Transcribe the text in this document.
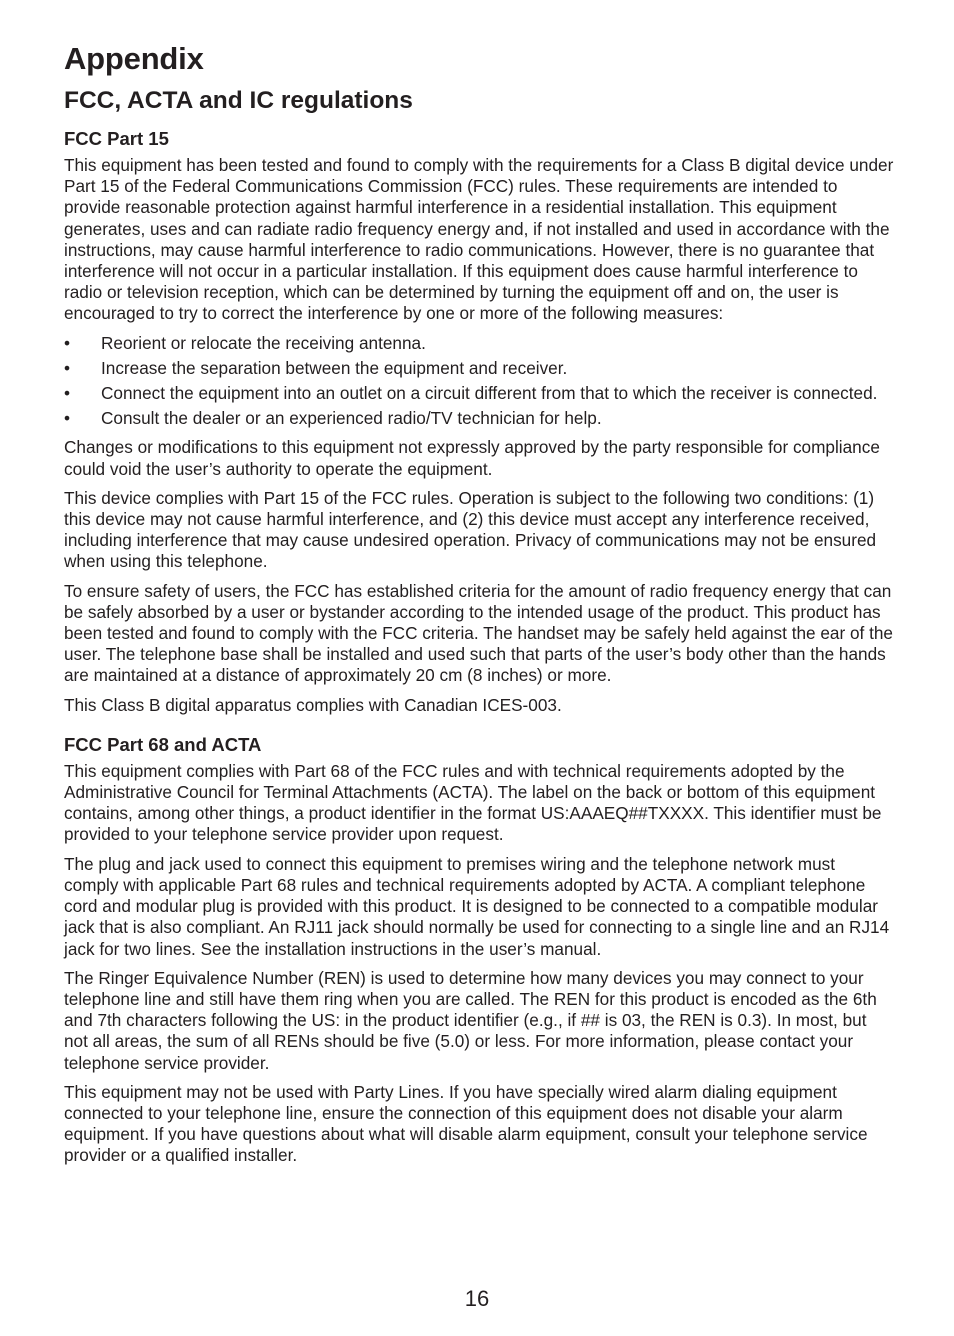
Appendix
FCC, ACTA and IC regulations
FCC Part 15

This equipment has been tested and found to comply with the requirements for a Class B digital device under Part 15 of the Federal Communications Commission (FCC) rules. These requirements are intended to provide reasonable protection against harmful interference in a residential installation. This equipment generates, uses and can radiate radio frequency energy and, if not installed and used in accordance with the instructions, may cause harmful interference to radio communications. However, there is no guarantee that interference will not occur in a particular installation. If this equipment does cause harmful interference to radio or television reception, which can be determined by turning the equipment off and on, the user is encouraged to try to correct the interference by one or more of the following measures:

• Reorient or relocate the receiving antenna.
• Increase the separation between the equipment and receiver.
• Connect the equipment into an outlet on a circuit different from that to which the receiver is connected.
• Consult the dealer or an experienced radio/TV technician for help.

Changes or modifications to this equipment not expressly approved by the party responsible for compliance could void the user’s authority to operate the equipment.

This device complies with Part 15 of the FCC rules. Operation is subject to the following two conditions: (1) this device may not cause harmful interference, and (2) this device must accept any interference received, including interference that may cause undesired operation. Privacy of communications may not be ensured when using this telephone.

To ensure safety of users, the FCC has established criteria for the amount of radio frequency energy that can be safely absorbed by a user or bystander according to the intended usage of the product. This product has been tested and found to comply with the FCC criteria. The handset may be safely held against the ear of the user. The telephone base shall be installed and used such that parts of the user’s body other than the hands are maintained at a distance of approximately 20 cm (8 inches) or more.

This Class B digital apparatus complies with Canadian ICES-003.

FCC Part 68 and ACTA

This equipment complies with Part 68 of the FCC rules and with technical requirements adopted by the Administrative Council for Terminal Attachments (ACTA). The label on the back or bottom of this equipment contains, among other things, a product identifier in the format US:AAAEQ##TXXXX. This identifier must be provided to your telephone service provider upon request.

The plug and jack used to connect this equipment to premises wiring and the telephone network must comply with applicable Part 68 rules and technical requirements adopted by ACTA. A compliant telephone cord and modular plug is provided with this product. It is designed to be connected to a compatible modular jack that is also compliant. An RJ11 jack should normally be used for connecting to a single line and an RJ14 jack for two lines. See the installation instructions in the user’s manual.

The Ringer Equivalence Number (REN) is used to determine how many devices you may connect to your telephone line and still have them ring when you are called. The REN for this product is encoded as the 6th and 7th characters following the US: in the product identifier (e.g., if ## is 03, the REN is 0.3). In most, but not all areas, the sum of all RENs should be five (5.0) or less. For more information, please contact your telephone service provider.

This equipment may not be used with Party Lines. If you have specially wired alarm dialing equipment connected to your telephone line, ensure the connection of this equipment does not disable your alarm equipment. If you have questions about what will disable alarm equipment, consult your telephone service provider or a qualified installer.

16
